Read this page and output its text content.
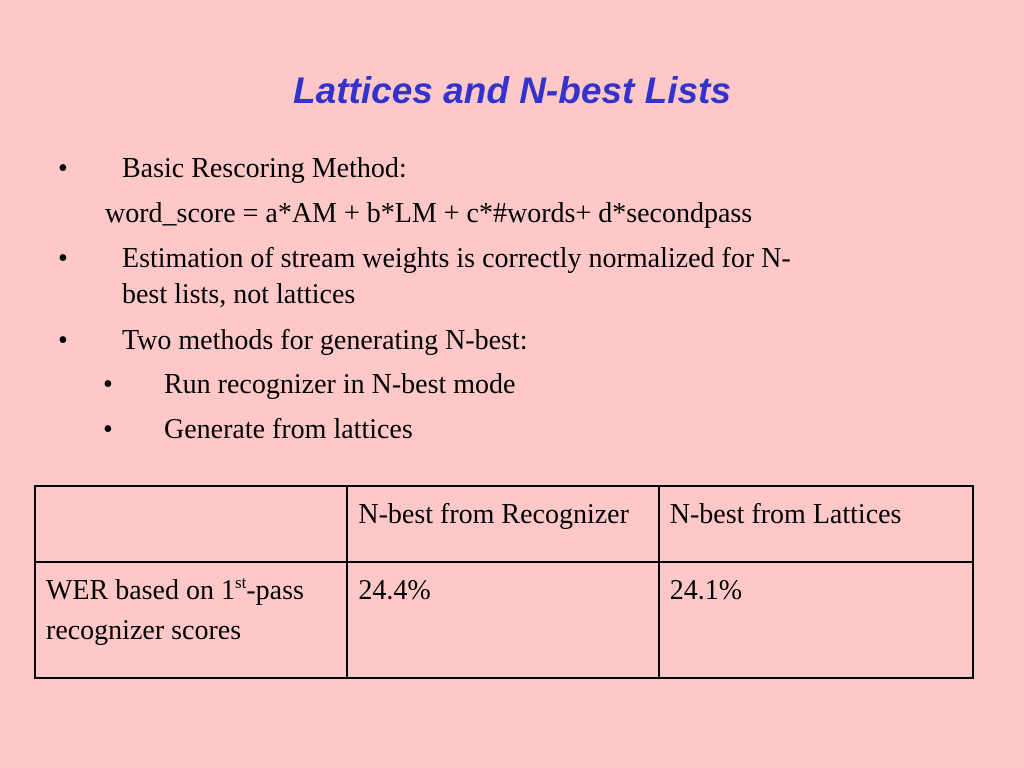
Lattices and N-best Lists
• Basic Rescoring Method:
word_score = a*AM + b*LM + c*#words+ d*secondpass
• Estimation of stream weights is correctly normalized for N-
best lists, not lattices
• Two methods for generating N-best:
• Run recognizer in N-best mode
• Generate from lattices
	N-best from Recognizer	N-best from Lattices
WER based on 1st-pass recognizer scores	24.4%	24.1%
